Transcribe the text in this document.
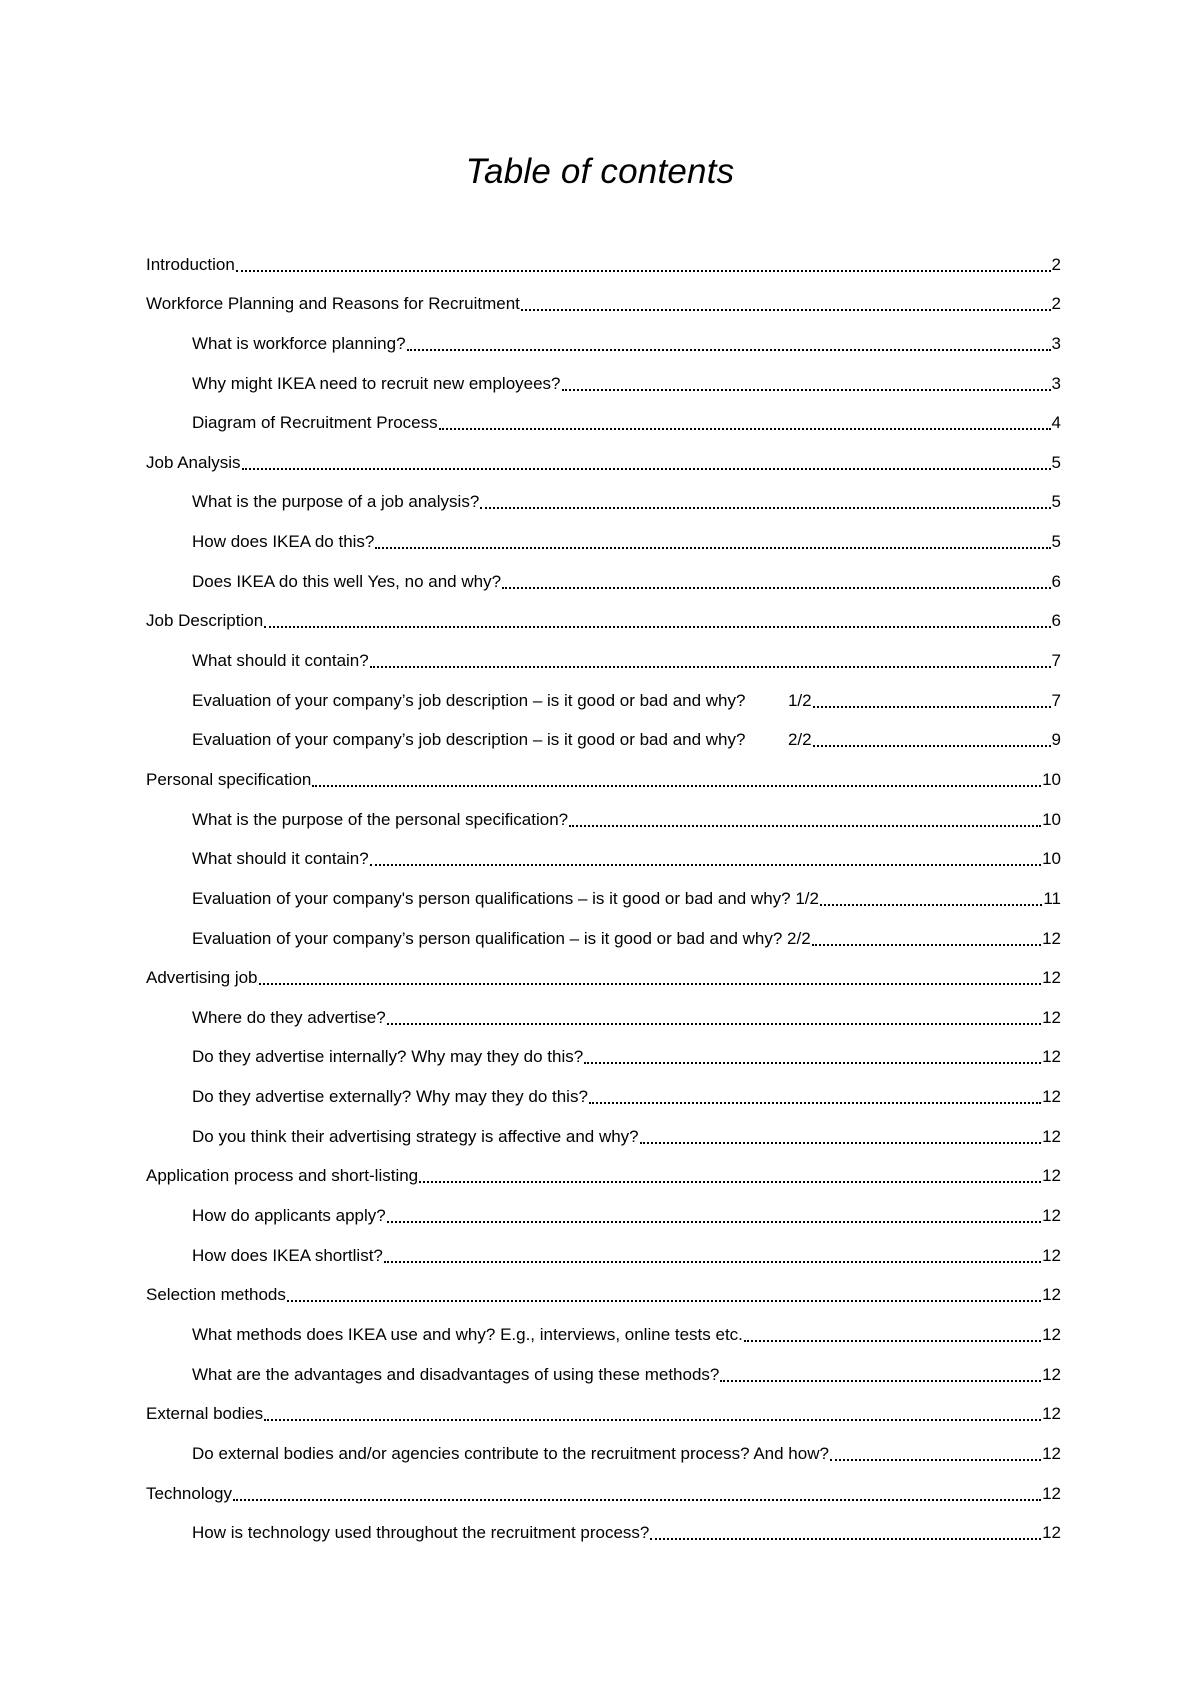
Table of contents
Introduction	2
Workforce Planning and Reasons for Recruitment	2
What is workforce planning?	3
Why might IKEA need to recruit new employees?	3
Diagram of Recruitment Process	4
Job Analysis	5
What is the purpose of a job analysis?	5
How does IKEA do this?	5
Does IKEA do this well Yes, no and why?	6
Job Description	6
What should it contain?	7
Evaluation of your company’s job description – is it good or bad and why?         1/2	7
Evaluation of your company’s job description – is it good or bad and why?         2/2	9
Personal specification	10
What is the purpose of the personal specification?	10
What should it contain?	10
Evaluation of your company's person qualifications – is it good or bad and why? 1/2	11
Evaluation of your company’s person qualification – is it good or bad and why? 2/2	12
Advertising job	12
Where do they advertise?	12
Do they advertise internally? Why may they do this?	12
Do they advertise externally? Why may they do this?	12
Do you think their advertising strategy is affective and why?	12
Application process and short-listing	12
How do applicants apply?	12
How does IKEA shortlist?	12
Selection methods	12
What methods does IKEA use and why? E.g., interviews, online tests etc.	12
What are the advantages and disadvantages of using these methods?	12
External bodies	12
Do external bodies and/or agencies contribute to the recruitment process? And how?	12
Technology	12
How is technology used throughout the recruitment process?	12
